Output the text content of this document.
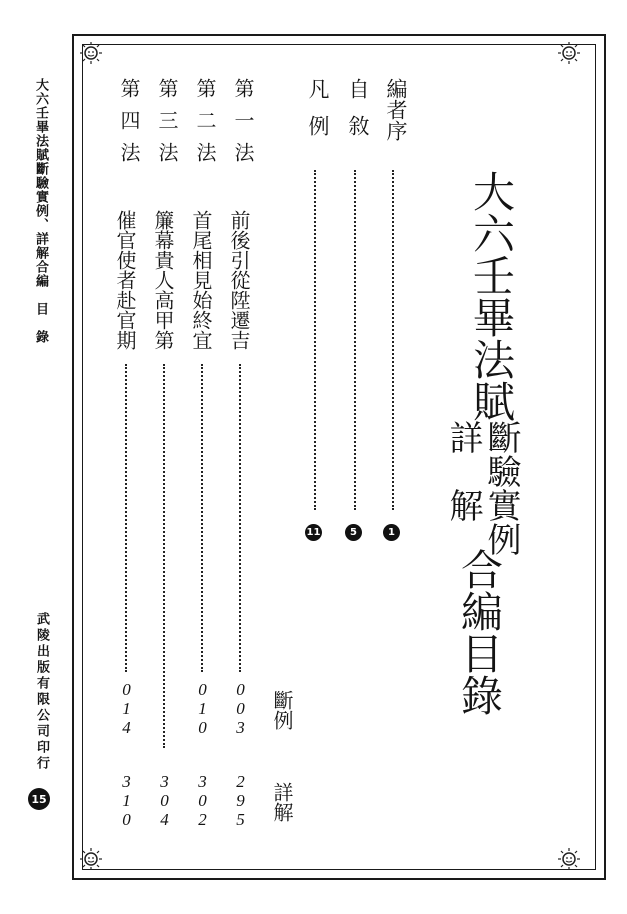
大六壬畢法賦斷驗實例、詳解合編　目　錄
武陵出版有限公司印行
15
大六壬畢法賦
斷驗實例
詳　解
合編目錄
編者序
1
自敘
5
凡例
11
第一法
前後引從陞遷吉
003
295
第二法
首尾相見始終宜
010
302
第三法
簾幕貴人高甲第
304
第四法
催官使者赴官期
014
310
斷例
詳解
